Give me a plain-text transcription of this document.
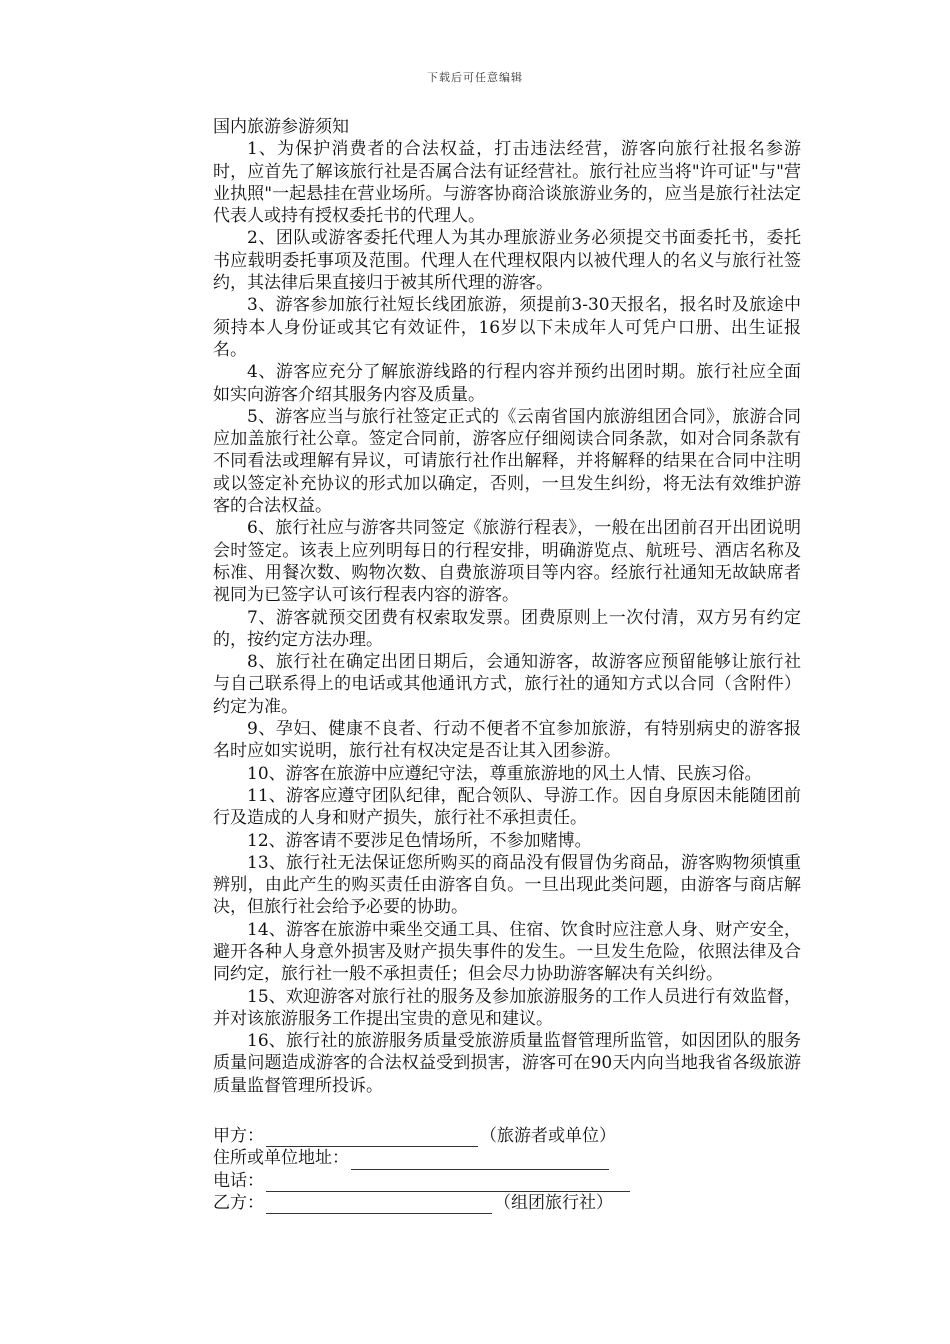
下载后可任意编辑

国内旅游参游须知

1、为保护消费者的合法权益，打击违法经营，游客向旅行社报名参游时，应首先了解该旅行社是否属合法有证经营社。旅行社应当将"许可证"与"营业执照"一起悬挂在营业场所。与游客协商洽谈旅游业务的，应当是旅行社法定代表人或持有授权委托书的代理人。

2、团队或游客委托代理人为其办理旅游业务必须提交书面委托书，委托书应载明委托事项及范围。代理人在代理权限内以被代理人的名义与旅行社签约，其法律后果直接归于被其所代理的游客。

3、游客参加旅行社短长线团旅游，须提前3-30天报名，报名时及旅途中须持本人身份证或其它有效证件，16岁以下未成年人可凭户口册、出生证报名。

4、游客应充分了解旅游线路的行程内容并预约出团时期。旅行社应全面如实向游客介绍其服务内容及质量。

5、游客应当与旅行社签定正式的《云南省国内旅游组团合同》，旅游合同应加盖旅行社公章。签定合同前，游客应仔细阅读合同条款，如对合同条款有不同看法或理解有异议，可请旅行社作出解释，并将解释的结果在合同中注明或以签定补充协议的形式加以确定，否则，一旦发生纠纷，将无法有效维护游客的合法权益。

6、旅行社应与游客共同签定《旅游行程表》，一般在出团前召开出团说明会时签定。该表上应列明每日的行程安排，明确游览点、航班号、酒店名称及标准、用餐次数、购物次数、自费旅游项目等内容。经旅行社通知无故缺席者视同为已签字认可该行程表内容的游客。

7、游客就预交团费有权索取发票。团费原则上一次付清，双方另有约定的，按约定方法办理。

8、旅行社在确定出团日期后，会通知游客，故游客应预留能够让旅行社与自己联系得上的电话或其他通讯方式，旅行社的通知方式以合同（含附件）约定为准。

9、孕妇、健康不良者、行动不便者不宜参加旅游，有特别病史的游客报名时应如实说明，旅行社有权决定是否让其入团参游。

10、游客在旅游中应遵纪守法，尊重旅游地的风土人情、民族习俗。

11、游客应遵守团队纪律，配合领队、导游工作。因自身原因未能随团前行及造成的人身和财产损失，旅行社不承担责任。

12、游客请不要涉足色情场所，不参加赌博。

13、旅行社无法保证您所购买的商品没有假冒伪劣商品，游客购物须慎重辨别，由此产生的购买责任由游客自负。一旦出现此类问题，由游客与商店解决，但旅行社会给予必要的协助。

14、游客在旅游中乘坐交通工具、住宿、饮食时应注意人身、财产安全，避开各种人身意外损害及财产损失事件的发生。一旦发生危险，依照法律及合同约定，旅行社一般不承担责任；但会尽力协助游客解决有关纠纷。

15、欢迎游客对旅行社的服务及参加旅游服务的工作人员进行有效监督，并对该旅游服务工作提出宝贵的意见和建议。

16、旅行社的旅游服务质量受旅游质量监督管理所监管，如因团队的服务质量问题造成游客的合法权益受到损害，游客可在90天内向当地我省各级旅游质量监督管理所投诉。

甲方：	（旅游者或单位）
住所或单位地址：
电话：
乙方：	（组团旅行社）
